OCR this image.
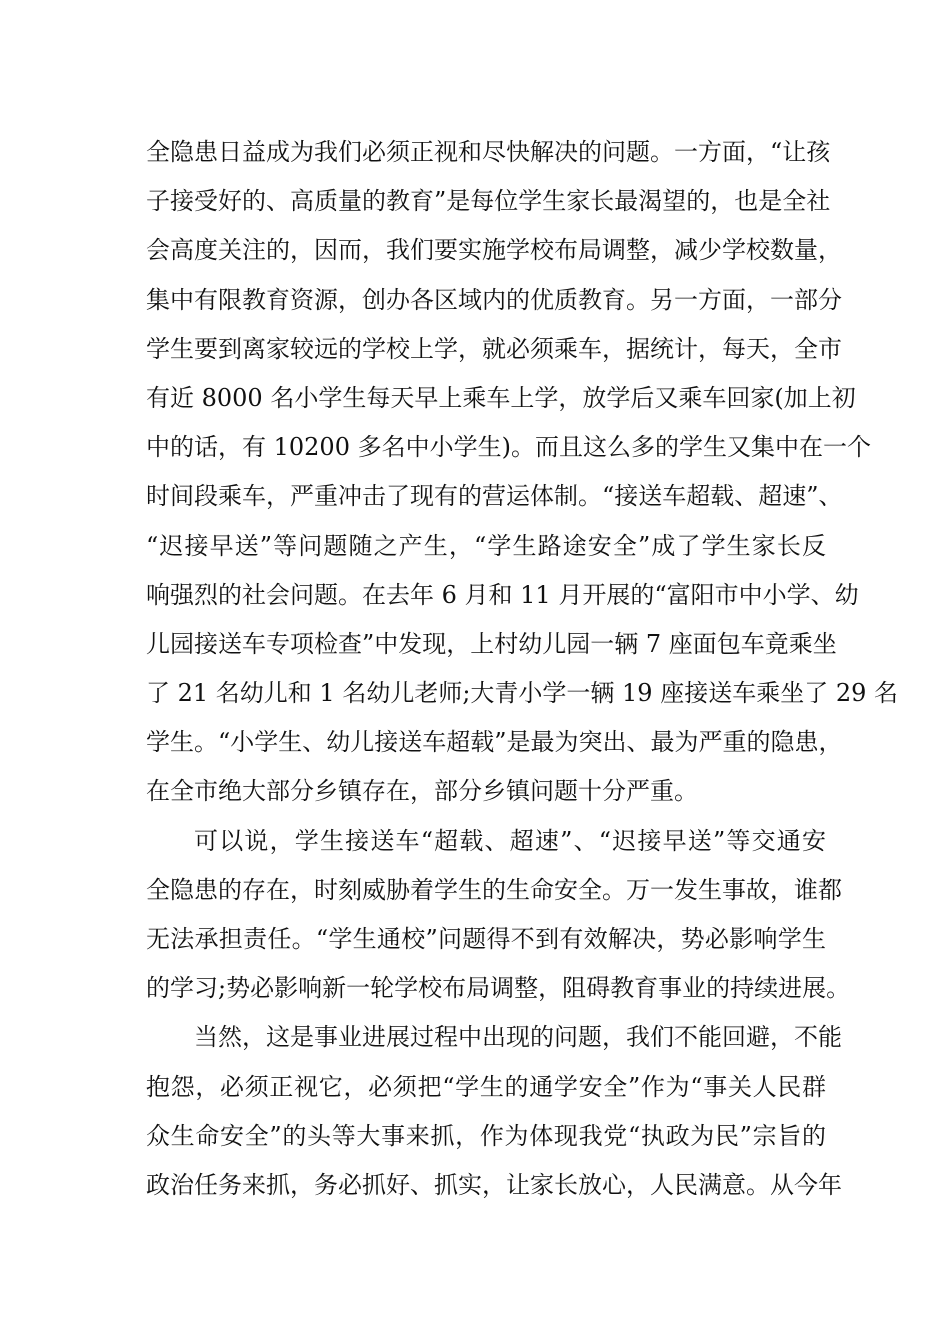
全隐患日益成为我们必须正视和尽快解决的问题。一方面，“让孩
子接受好的、高质量的教育”是每位学生家长最渴望的，也是全社
会高度关注的，因而，我们要实施学校布局调整，减少学校数量，
集中有限教育资源，创办各区域内的优质教育。另一方面，一部分
学生要到离家较远的学校上学，就必须乘车，据统计，每天，全市
有近 8000 名小学生每天早上乘车上学，放学后又乘车回家(加上初
中的话，有 10200 多名中小学生)。而且这么多的学生又集中在一个
时间段乘车，严重冲击了现有的营运体制。“接送车超载、超速”、
“迟接早送”等问题随之产生，“学生路途安全”成了学生家长反
响强烈的社会问题。在去年 6 月和 11 月开展的“富阳市中小学、幼
儿园接送车专项检查”中发现，上村幼儿园一辆 7 座面包车竟乘坐
了 21 名幼儿和 1 名幼儿老师;大青小学一辆 19 座接送车乘坐了 29 名
学生。“小学生、幼儿接送车超载”是最为突出、最为严重的隐患，
在全市绝大部分乡镇存在，部分乡镇问题十分严重。
可以说，学生接送车“超载、超速”、“迟接早送”等交通安
全隐患的存在，时刻威胁着学生的生命安全。万一发生事故，谁都
无法承担责任。“学生通校”问题得不到有效解决，势必影响学生
的学习;势必影响新一轮学校布局调整，阻碍教育事业的持续进展。
当然，这是事业进展过程中出现的问题，我们不能回避，不能
抱怨，必须正视它，必须把“学生的通学安全”作为“事关人民群
众生命安全”的头等大事来抓，作为体现我党“执政为民”宗旨的
政治任务来抓，务必抓好、抓实，让家长放心，人民满意。从今年
